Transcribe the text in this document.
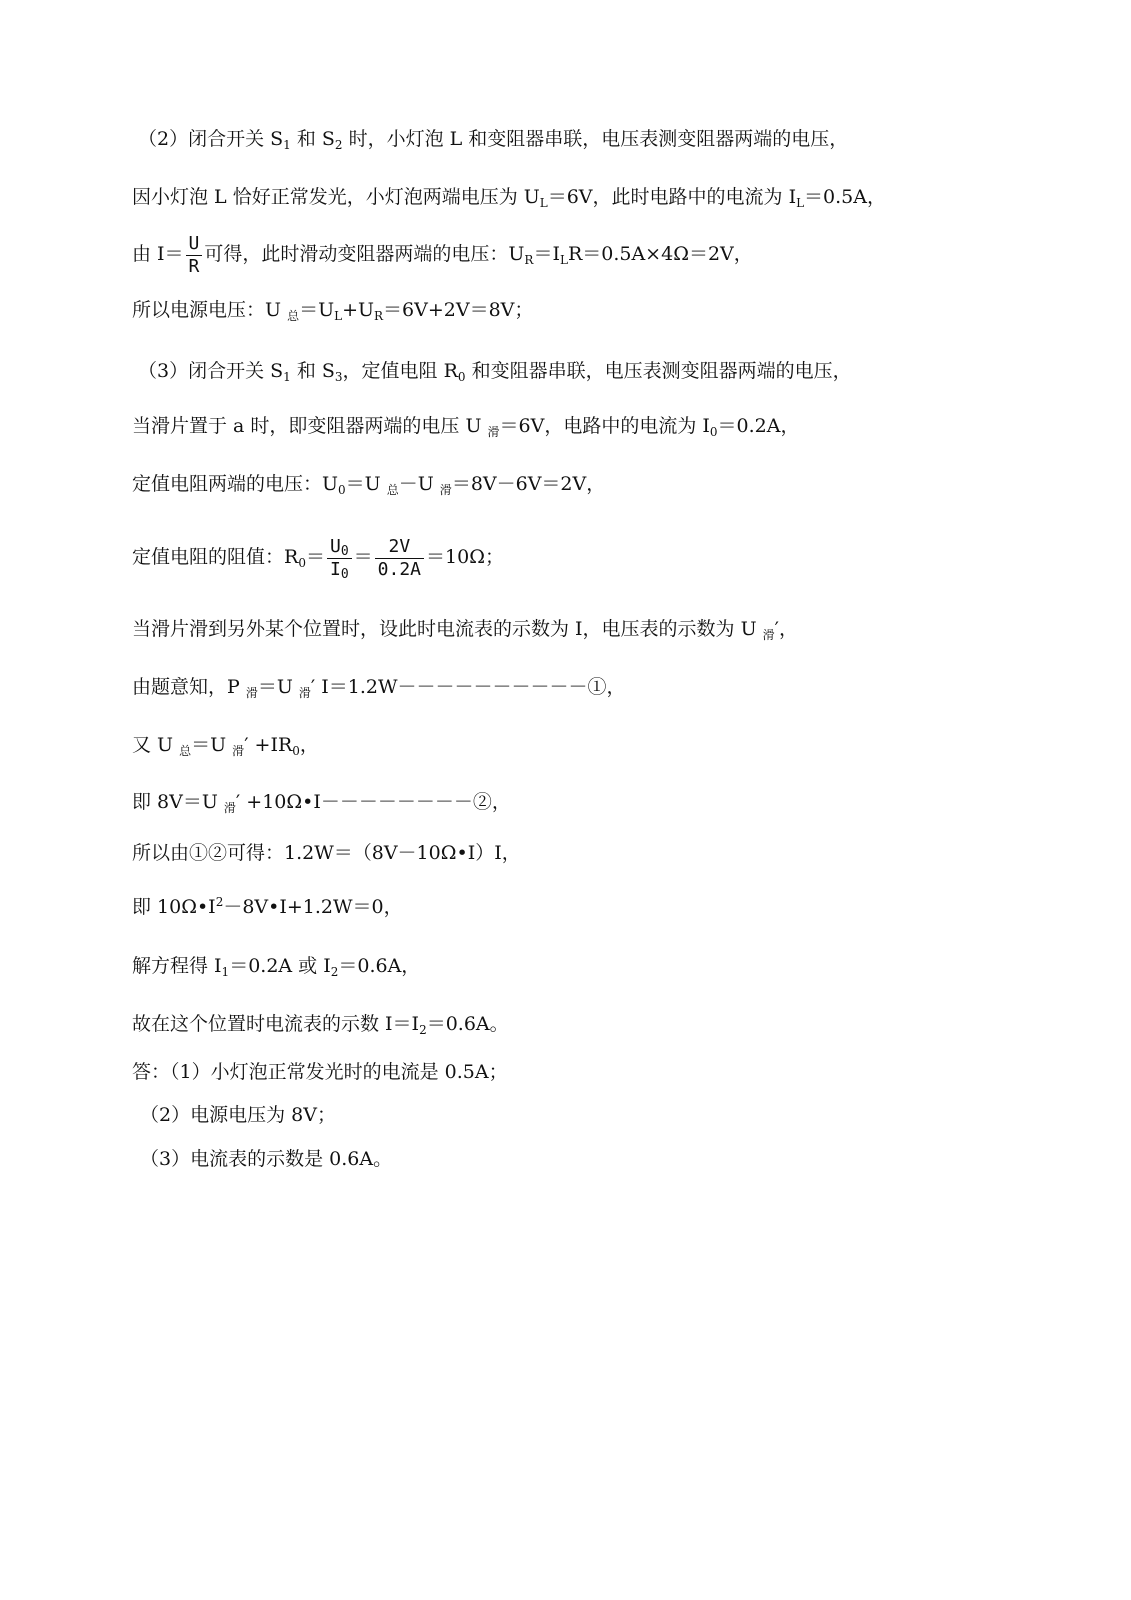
（2）闭合开关 $S_1$ 和 $S_2$ 时，小灯泡 L 和变阻器串联，电压表测变阻器两端的电压，
因小灯泡 L 恰好正常发光，小灯泡两端电压为 $U_L=6V$，此时电路中的电流为 $I_L=0.5A$，
由 $I= \frac{U}{R}$ 可得，此时滑动变阻器两端的电压：$U_R=I_LR=0.5A\times 4\Omega=2V$，
所以电源电压：U $_总=U_L+U_R=6V+2V=8V$；
（3）闭合开关 $S_1$ 和 $S_3$，定值电阻 $R_0$ 和变阻器串联，电压表测变阻器两端的电压，
当滑片置于 a 时，即变阻器两端的电压 U $_滑$＝6V，电路中的电流为 $I_0=0.2A$，
定值电阻两端的电压：$U_0=U$ $_总$－U $_滑$＝8V－6V＝2V，
定值电阻的阻值：$R_0= \frac{U_0}{I_0} = \frac{2V}{0.2A} =10\Omega$；
当滑片滑到另外某个位置时，设此时电流表的示数为 I，电压表的示数为 U $_滑$′，
由题意知，P $_滑$＝U $_滑$′ I＝1.2W－－－－－－－－－－①，
又 U $_总$＝U $_滑' +IR_0$，
即 8V＝U $_滑$′ +10Ω•I－－－－－－－－②，
所以由①②可得：1.2W＝（8V－10Ω•I）I，
即 $10\Omega•I^2-8V•I+1.2W=0$，
解方程得 $I_1=0.2A$ 或 $I_2=0.6A$，
故在这个位置时电流表的示数 $I=I_2=0.6A$。
答：（1）小灯泡正常发光时的电流是 0.5A；
（2）电源电压为 8V；
（3）电流表的示数是 0.6A。
